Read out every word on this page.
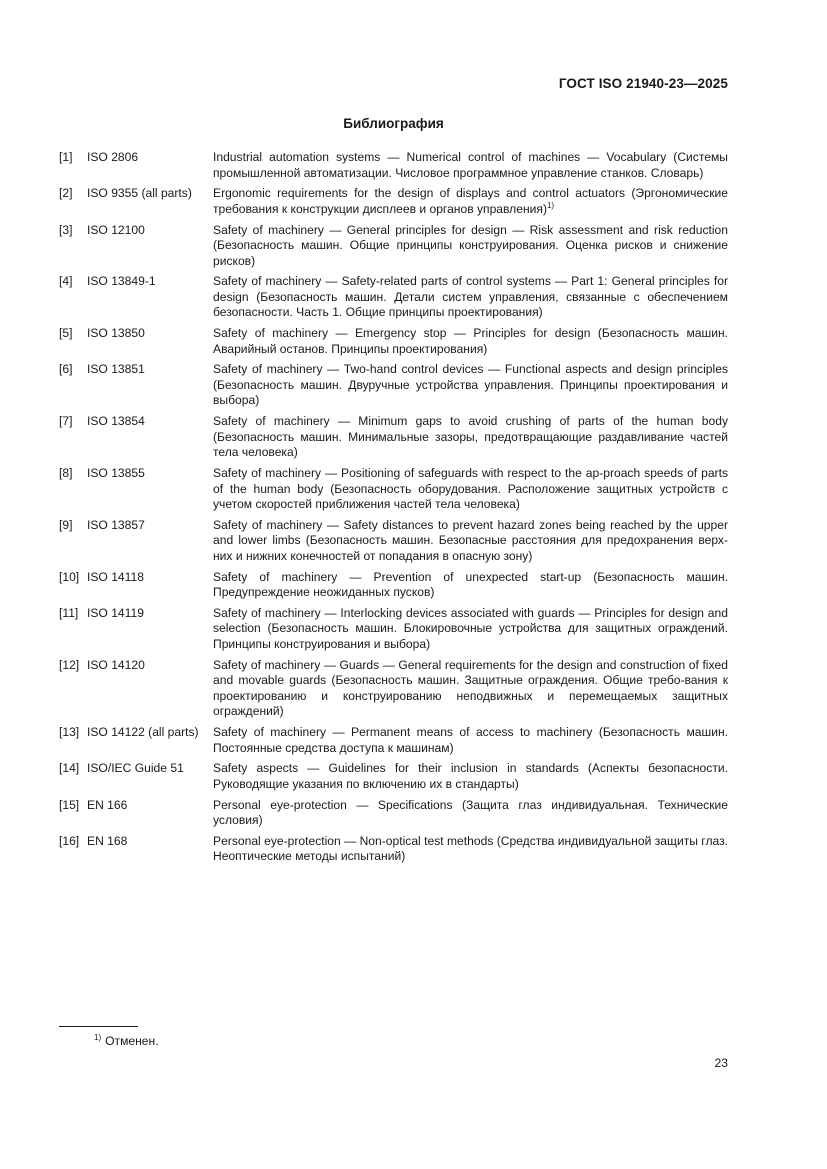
ГОСТ ISO 21940-23—2025
Библиография
[1]	ISO 2806	Industrial automation systems — Numerical control of machines — Vocabulary (Системы промышленной автоматизации. Числовое программное управление станков. Словарь)
[2]	ISO 9355 (all parts)	Ergonomic requirements for the design of displays and control actuators (Эргономические требования к конструкции дисплеев и органов управления)$^{1)}$
[3]	ISO 12100	Safety of machinery — General principles for design — Risk assessment and risk reduction (Безопасность машин. Общие принципы конструирования. Оценка рисков и снижение рисков)
[4]	ISO 13849-1	Safety of machinery — Safety-related parts of control systems — Part 1: General principles for design (Безопасность машин. Детали систем управления, связанные с обеспечением безопасности. Часть 1. Общие принципы проектирования)
[5]	ISO 13850	Safety of machinery — Emergency stop — Principles for design (Безопасность машин. Аварийный останов. Принципы проектирования)
[6]	ISO 13851	Safety of machinery — Two-hand control devices — Functional aspects and design principles (Безопасность машин. Двуручные устройства управления. Принципы проектирования и выбора)
[7]	ISO 13854	Safety of machinery — Minimum gaps to avoid crushing of parts of the human body (Безопасность машин. Минимальные зазоры, предотвращающие раздавливание частей тела человека)
[8]	ISO 13855	Safety of machinery — Positioning of safeguards with respect to the ap-proach speeds of parts of the human body (Безопасность оборудования. Расположение защитных устройств с учетом скоростей приближения частей тела человека)
[9]	ISO 13857	Safety of machinery — Safety distances to prevent hazard zones being reached by the upper and lower limbs (Безопасность машин. Безопасные расстояния для предохранения верх-них и нижних конечностей от попадания в опасную зону)
[10] ISO 14118	Safety of machinery — Prevention of unexpected start-up (Безопасность машин. Предупреждение неожиданных пусков)
[11] ISO 14119	Safety of machinery — Interlocking devices associated with guards — Principles for design and selection (Безопасность машин. Блокировочные устройства для защитных ограждений. Принципы конструирования и выбора)
[12] ISO 14120	Safety of machinery — Guards — General requirements for the design and construction of fixed and movable guards (Безопасность машин. Защитные ограждения. Общие требо-вания к проектированию и конструированию неподвижных и перемещаемых защитных ограждений)
[13] ISO 14122 (all parts)	Safety of machinery — Permanent means of access to machinery (Безопасность машин. Постоянные средства доступа к машинам)
[14] ISO/IEC Guide 51	Safety aspects — Guidelines for their inclusion in standards (Аспекты безопасности. Руководящие указания по включению их в стандарты)
[15] EN 166	Personal eye-protection — Specifications (Защита глаз индивидуальная. Технические условия)
[16] EN 168	Personal eye-protection — Non-optical test methods (Средства индивидуальной защиты глаз. Неоптические методы испытаний)
$^{1)}$ Отменен.
23
